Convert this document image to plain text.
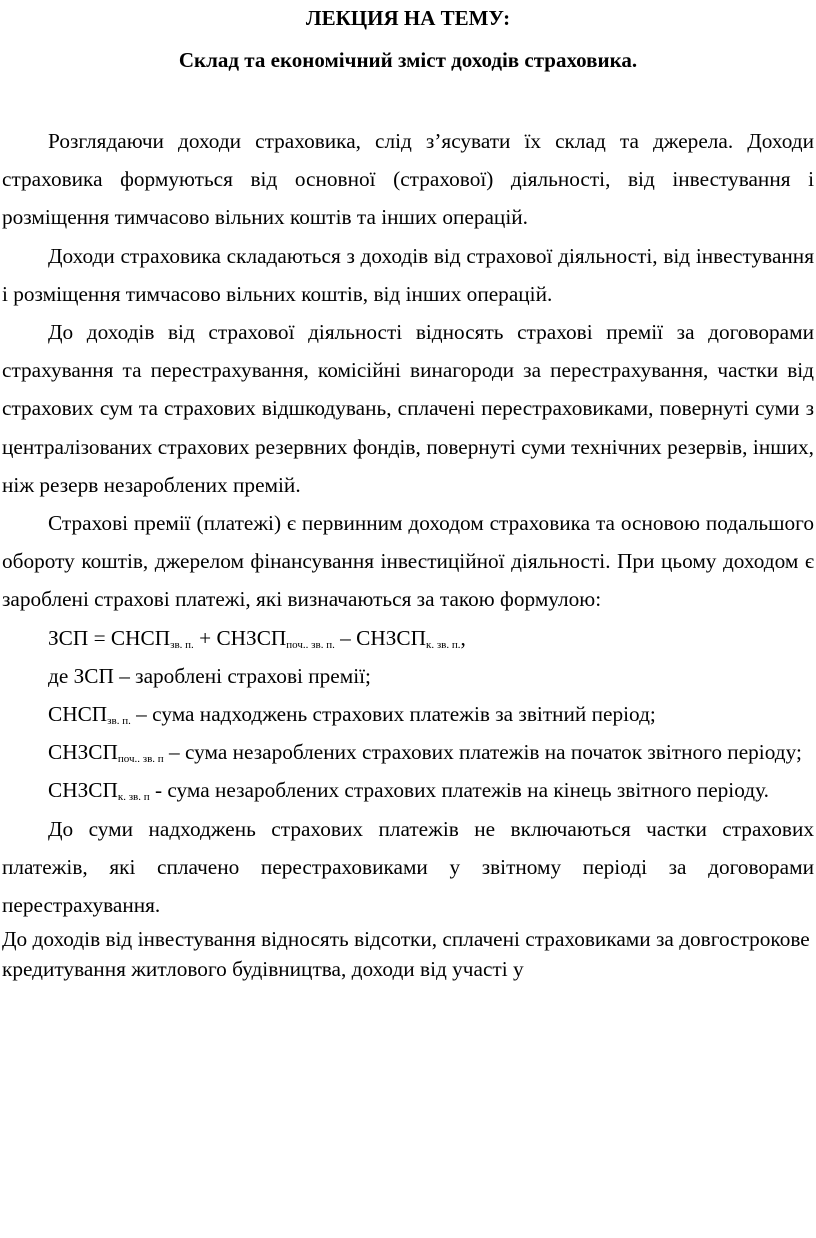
ЛЕКЦИЯ НА ТЕМУ:
Склад та економічний зміст доходів страховика.

Розглядаючи доходи страховика, слід з’ясувати їх склад та джерела. Доходи страховика формуються від основної (страхової) діяльності, від інвестування і розміщення тимчасово вільних коштів та інших операцій.

Доходи страховика складаються з доходів від страхової діяльності, від інвестування і розміщення тимчасово вільних коштів, від інших операцій.

До доходів від страхової діяльності відносять страхові премії за договорами страхування та перестрахування, комісійні винагороди за перестрахування, частки від страхових сум та страхових відшкодувань, сплачені перестраховиками, повернуті суми з централізованих страхових резервних фондів, повернуті суми технічних резервів, інших, ніж резерв незароблених премій.

Страхові премії (платежі) є первинним доходом страховика та основою подальшого обороту коштів, джерелом фінансування інвестиційної діяльності. При цьому доходом є зароблені страхові платежі, які визначаються за такою формулою:

ЗСП = $СНСП_{зв. п.}$ + $СНЗСП_{поч.. зв. п.}$ – $СНЗСП_{к. зв. п.}$,

де ЗСП – зароблені страхові премії;

$СНСП_{зв. п.}$ – сума надходжень страхових платежів за звітний період;

$СНЗСП_{поч.. зв. п}$ – сума незароблених страхових платежів на початок звітного періоду;

$СНЗСП_{к. зв. п}$ - сума незароблених страхових платежів на кінець звітного періоду.

До суми надходжень страхових платежів не включаються частки страхових платежів, які сплачено перестраховиками у звітному періоді за договорами перестрахування.

До доходів від інвестування відносять відсотки, сплачені страховиками за довгострокове кредитування житлового будівництва, доходи від участі у
